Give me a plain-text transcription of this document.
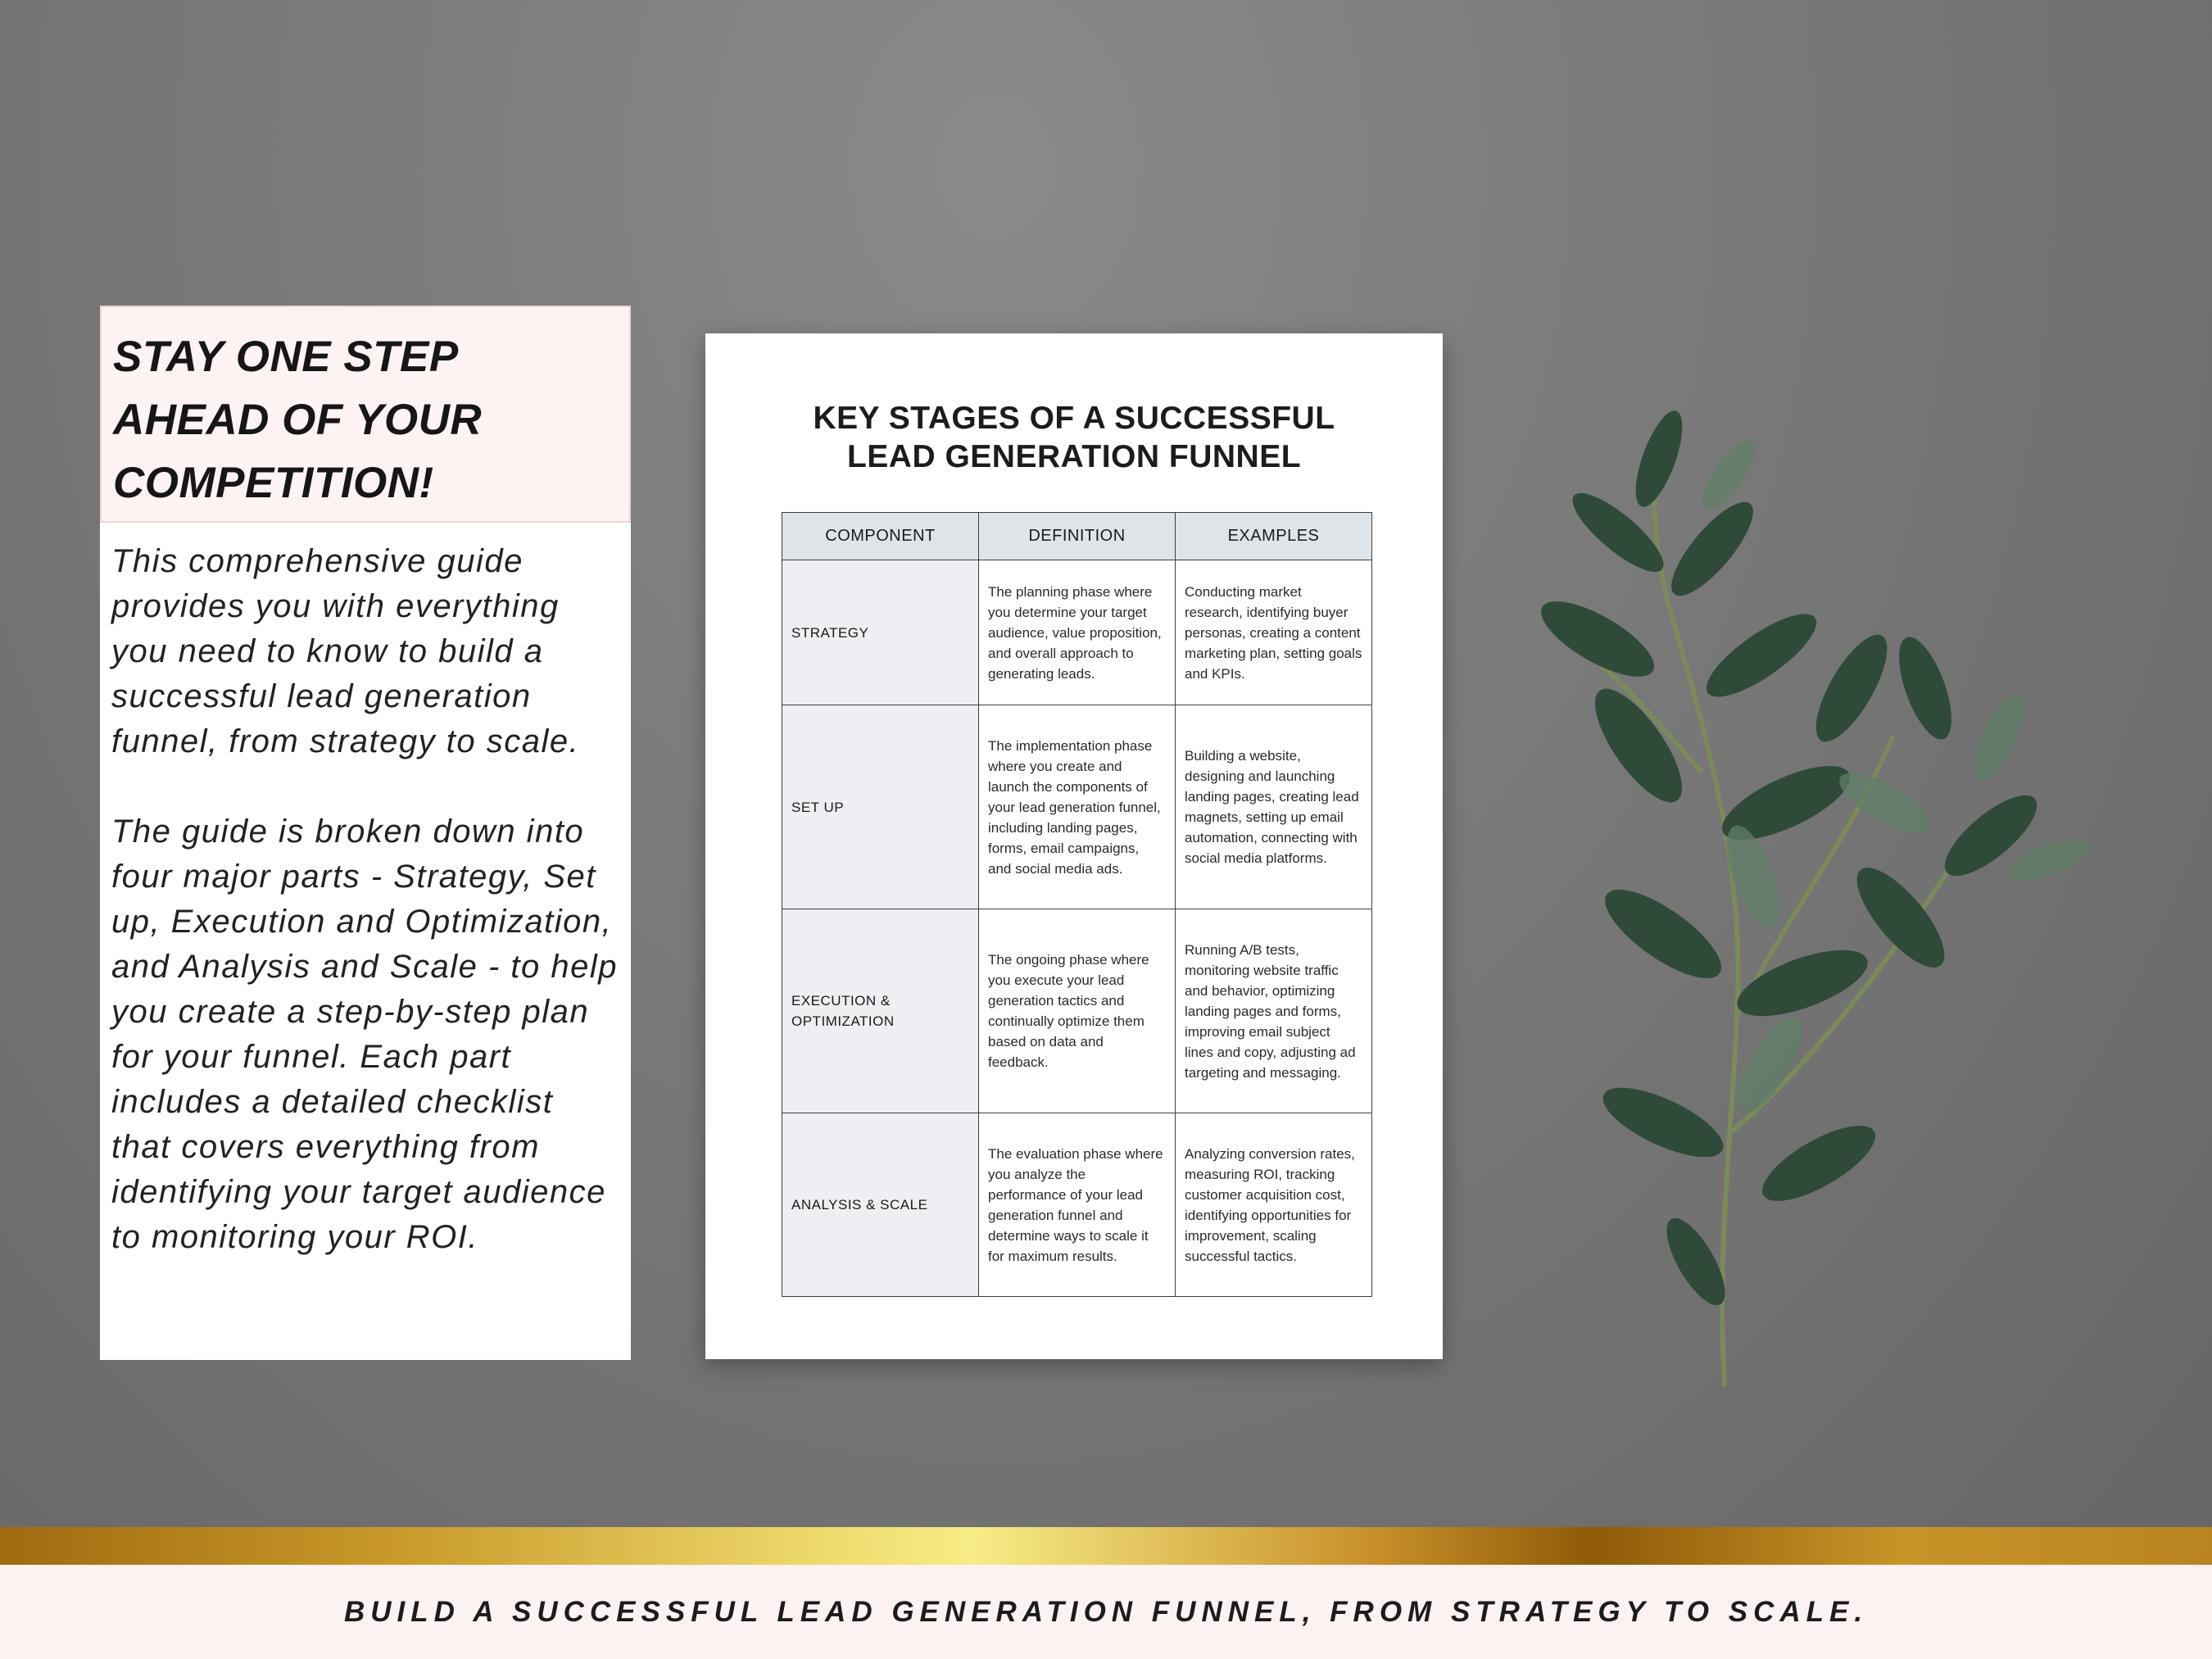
STAY ONE STEP AHEAD OF YOUR COMPETITION!

This comprehensive guide provides you with everything you need to know to build a successful lead generation funnel, from strategy to scale.

The guide is broken down into four major parts - Strategy, Set up, Execution and Optimization, and Analysis and Scale - to help you create a step-by-step plan for your funnel. Each part includes a detailed checklist that covers everything from identifying your target audience to monitoring your ROI.

KEY STAGES OF A SUCCESSFUL
LEAD GENERATION FUNNEL
COMPONENT	DEFINITION	EXAMPLES
STRATEGY	The planning phase where you determine your target audience, value proposition, and overall approach to generating leads.	Conducting market research, identifying buyer personas, creating a content marketing plan, setting goals and KPIs.
SET UP	The implementation phase where you create and launch the components of your lead generation funnel, including landing pages, forms, email campaigns, and social media ads.	Building a website, designing and launching landing pages, creating lead magnets, setting up email automation, connecting with social media platforms.
EXECUTION & OPTIMIZATION	The ongoing phase where you execute your lead generation tactics and continually optimize them based on data and feedback.	Running A/B tests, monitoring website traffic and behavior, optimizing landing pages and forms, improving email subject lines and copy, adjusting ad targeting and messaging.
ANALYSIS & SCALE	The evaluation phase where you analyze the performance of your lead generation funnel and determine ways to scale it for maximum results.	Analyzing conversion rates, measuring ROI, tracking customer acquisition cost, identifying opportunities for improvement, scaling successful tactics.

BUILD A SUCCESSFUL LEAD GENERATION FUNNEL, FROM STRATEGY TO SCALE.
